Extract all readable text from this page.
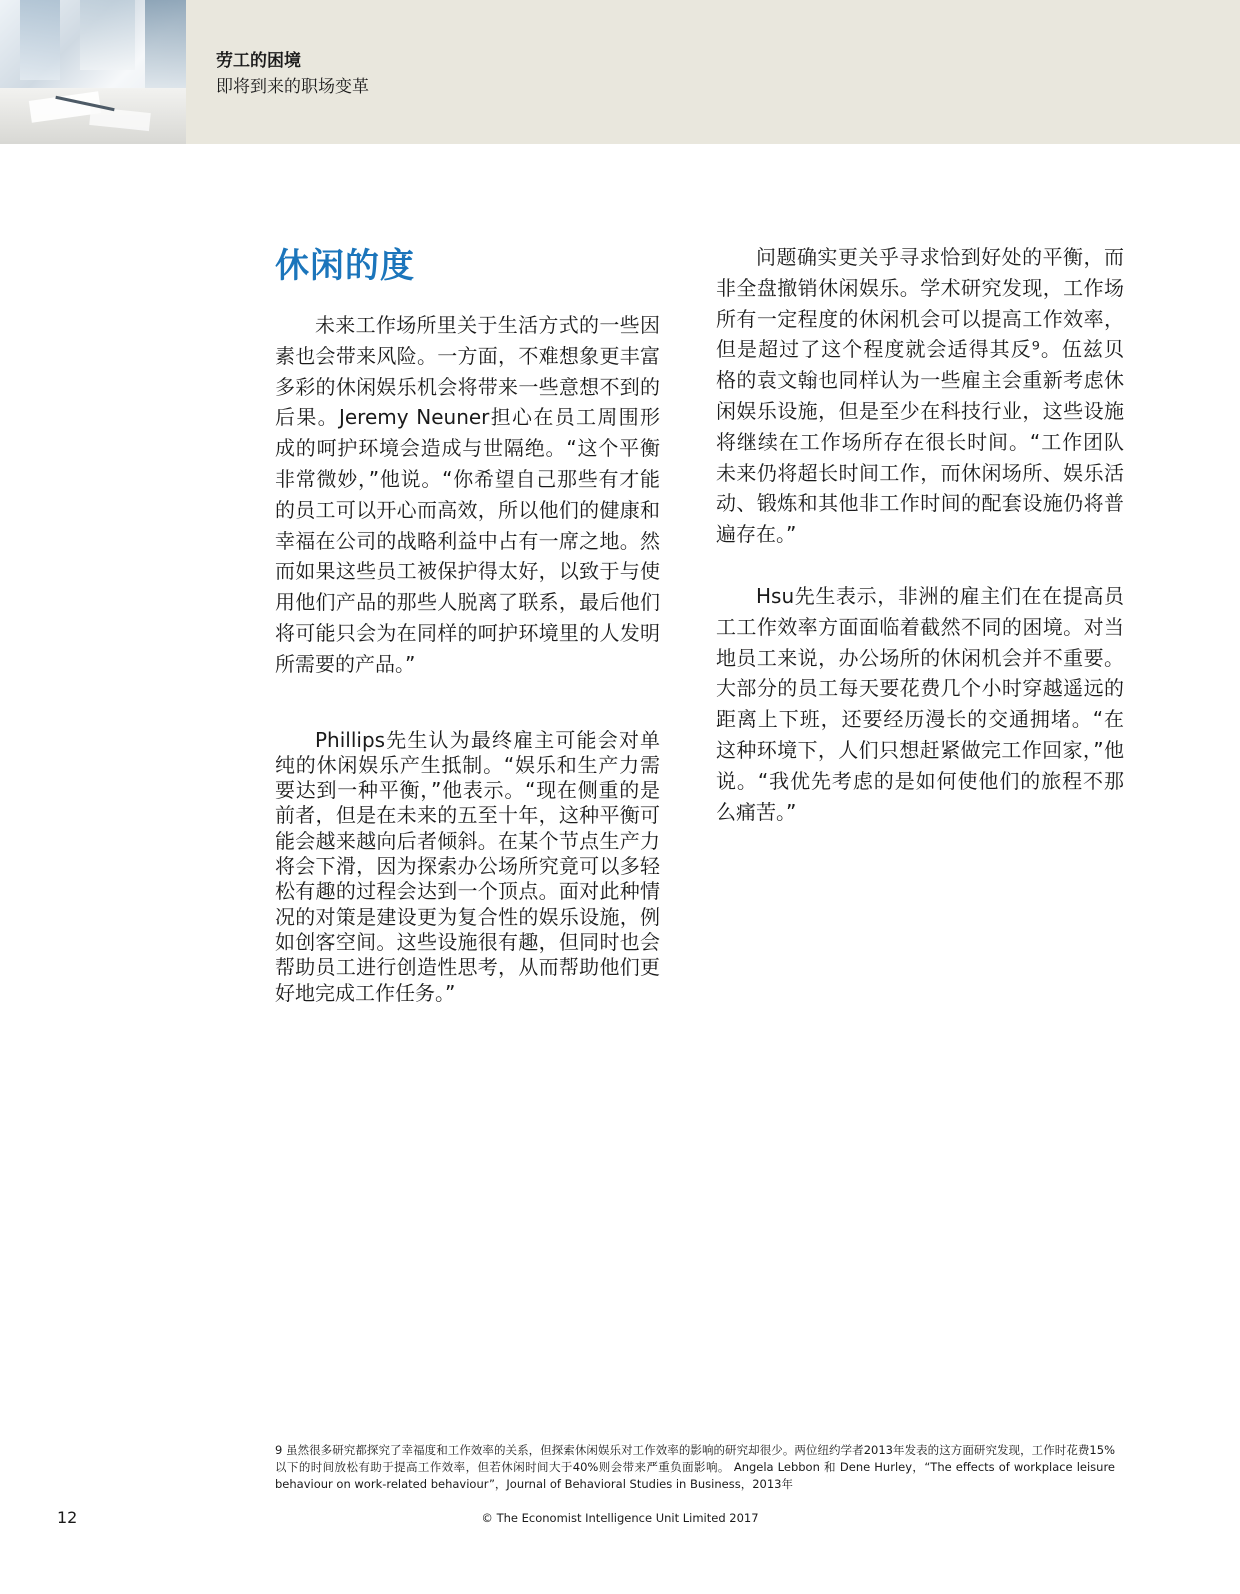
劳工的困境
即将到来的职场变革
休闲的度

未来工作场所里关于生活方式的一些因素也会带来风险。一方面，不难想象更丰富多彩的休闲娱乐机会将带来一些意想不到的后果。Jeremy Neuner担心在员工周围形成的呵护环境会造成与世隔绝。“这个平衡非常微妙，”他说。“你希望自己那些有才能的员工可以开心而高效，所以他们的健康和幸福在公司的战略利益中占有一席之地。然而如果这些员工被保护得太好，以致于与使用他们产品的那些人脱离了联系，最后他们将可能只会为在同样的呵护环境里的人发明所需要的产品。”

Phillips先生认为最终雇主可能会对单纯的休闲娱乐产生抵制。“娱乐和生产力需要达到一种平衡，”他表示。“现在侧重的是前者，但是在未来的五至十年，这种平衡可能会越来越向后者倾斜。在某个节点生产力将会下滑，因为探索办公场所究竟可以多轻松有趣的过程会达到一个顶点。面对此种情况的对策是建设更为复合性的娱乐设施，例如创客空间。这些设施很有趣，但同时也会帮助员工进行创造性思考，从而帮助他们更好地完成工作任务。”

问题确实更关乎寻求恰到好处的平衡，而非全盘撤销休闲娱乐。学术研究发现，工作场所有一定程度的休闲机会可以提高工作效率，但是超过了这个程度就会适得其反⁹。伍兹贝格的袁文翰也同样认为一些雇主会重新考虑休闲娱乐设施，但是至少在科技行业，这些设施将继续在工作场所存在很长时间。“工作团队未来仍将超长时间工作，而休闲场所、娱乐活动、锻炼和其他非工作时间的配套设施仍将普遍存在。”

Hsu先生表示，非洲的雇主们在在提高员工工作效率方面面临着截然不同的困境。对当地员工来说，办公场所的休闲机会并不重要。大部分的员工每天要花费几个小时穿越遥远的距离上下班，还要经历漫长的交通拥堵。“在这种环境下，人们只想赶紧做完工作回家，”他说。“我优先考虑的是如何使他们的旅程不那么痛苦。”

9 虽然很多研究都探究了幸福度和工作效率的关系，但探索休闲娱乐对工作效率的影响的研究却很少。两位纽约学者2013年发表的这方面研究发现，工作时花费15%以下的时间放松有助于提高工作效率，但若休闲时间大于40%则会带来严重负面影响。 Angela Lebbon 和 Dene Hurley，“The effects of workplace leisure behaviour on work-related behaviour”，Journal of Behavioral Studies in Business，2013年
12	© The Economist Intelligence Unit Limited 2017
